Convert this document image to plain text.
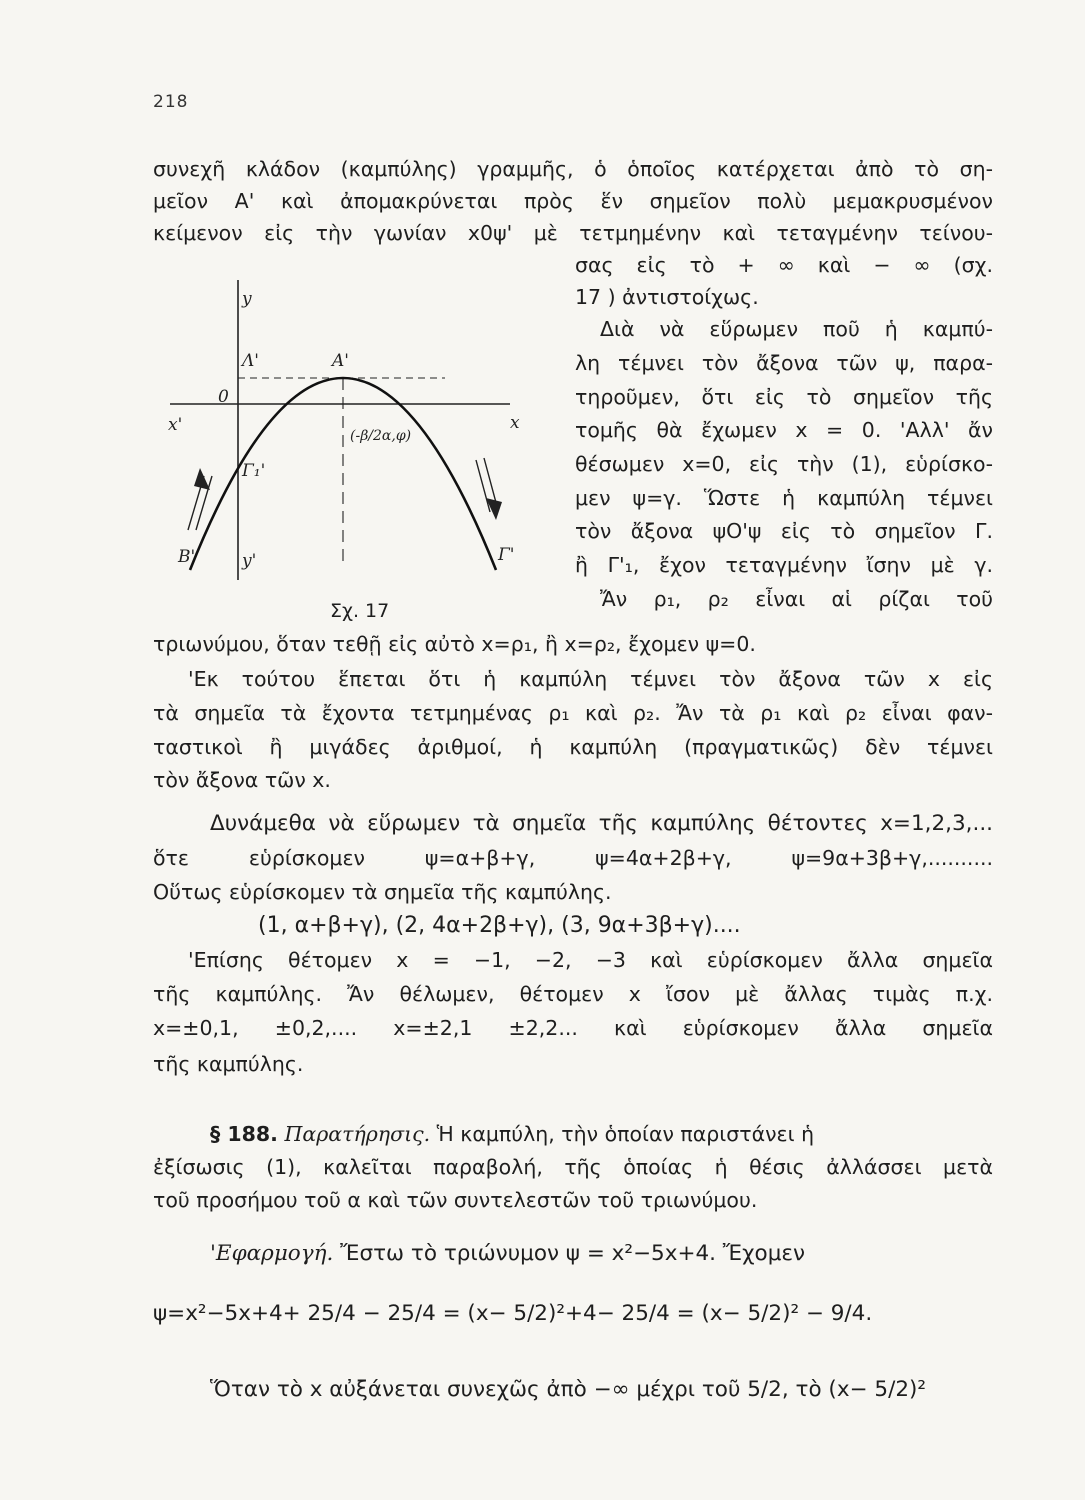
218
συνεχῆ κλάδον (καμπύλης) γραμμῆς, ὁ ὁποῖος κατέρχεται ἀπὸ τὸ ση-
μεῖον Α' καὶ ἀπομακρύνεται πρὸς ἕν σημεῖον πολὺ μεμακρυσμένον
κείμενον εἰς τὴν γωνίαν x0ψ' μὲ τετμημένην καὶ τεταγμένην τείνου-
σας εἰς τὸ + ∞ καὶ − ∞ (σχ.
17 ) ἀντιστοίχως.
Διὰ νὰ εὕρωμεν ποῦ ἡ καμπύ-
λη τέμνει τὸν ἄξονα τῶν ψ, παρα-
τηροῦμεν, ὅτι εἰς τὸ σημεῖον τῆς
τομῆς θὰ ἔχωμεν x = 0. 'Αλλ' ἄν
θέσωμεν x=0, εἰς τὴν (1), εὑρίσκο-
μεν ψ=γ. Ὥστε ἡ καμπύλη τέμνει
τὸν ἄξονα ψO'ψ εἰς τὸ σημεῖον Γ.
ἢ Γ'₁, ἔχον τεταγμένην ἴσην μὲ γ.
Ἄν ρ₁, ρ₂ εἶναι αἱ ρίζαι τοῦ
y
Λ'	Α'
0
x'	x
(-β/2α,φ)
Γ₁'
Β'	y'	Γ'
Σχ. 17
τριωνύμου, ὅταν τεθῇ εἰς αὐτὸ x=ρ₁, ἢ x=ρ₂, ἔχομεν ψ=0.
'Εκ τούτου ἕπεται ὅτι ἡ καμπύλη τέμνει τὸν ἄξονα τῶν x εἰς
τὰ σημεῖα τὰ ἔχοντα τετμημένας ρ₁ καὶ ρ₂. Ἄν τὰ ρ₁ καὶ ρ₂ εἶναι φαν-
ταστικοὶ ἢ μιγάδες ἀριθμοί, ἡ καμπύλη (πραγματικῶς) δὲν τέμνει
τὸν ἄξονα τῶν x.
Δυνάμεθα νὰ εὕρωμεν τὰ σημεῖα τῆς καμπύλης θέτοντες x=1,2,3,...
ὅτε εὑρίσκομεν ψ=α+β+γ, ψ=4α+2β+γ, ψ=9α+3β+γ,..........
Οὕτως εὑρίσκομεν τὰ σημεῖα τῆς καμπύλης.
(1, α+β+γ), (2, 4α+2β+γ), (3, 9α+3β+γ)....
'Επίσης θέτομεν x = −1, −2, −3 καὶ εὑρίσκομεν ἄλλα σημεῖα
τῆς καμπύλης. Ἄν θέλωμεν, θέτομεν x ἴσον μὲ ἄλλας τιμὰς π.χ.
x=±0,1, ±0,2,.... x=±2,1 ±2,2... καὶ εὑρίσκομεν ἄλλα σημεῖα
τῆς καμπύλης.
§ 188. Παρατήρησις. Ἡ καμπύλη, τὴν ὁποίαν παριστάνει ἡ
ἐξίσωσις (1), καλεῖται παραβολή, τῆς ὁποίας ἡ θέσις ἀλλάσσει μετὰ
τοῦ προσήμου τοῦ α καὶ τῶν συντελεστῶν τοῦ τριωνύμου.
'Εφαρμογή. Ἔστω τὸ τριώνυμον ψ = x²−5x+4. Ἔχομεν
ψ=x²−5x+4+ 25/4 − 25/4 = (x− 5/2)²+4− 25/4 = (x− 5/2)² − 9/4.
Ὅταν τὸ x αὐξάνεται συνεχῶς ἀπὸ −∞ μέχρι τοῦ 5/2, τὸ (x− 5/2)²
